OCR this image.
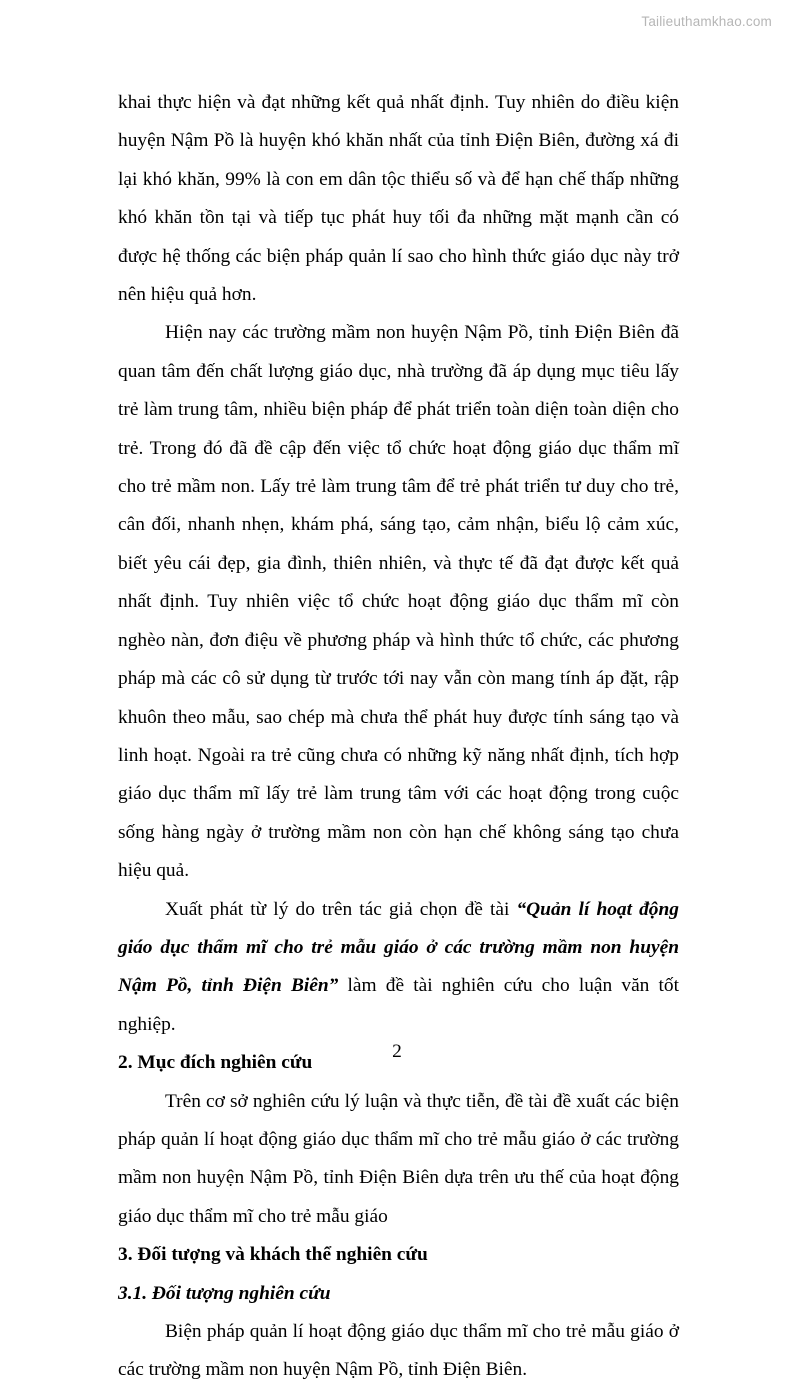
Tailieuthamkhao.com

khai thực hiện và đạt những kết quả nhất định. Tuy nhiên do điều kiện huyện Nậm Pồ là huyện khó khăn nhất của tỉnh Điện Biên, đường xá đi lại khó khăn, 99% là con em dân tộc thiểu số và để hạn chế thấp những khó khăn tồn tại và tiếp tục phát huy tối đa những mặt mạnh cần có được hệ thống các biện pháp quản lí sao cho hình thức giáo dục này trở nên hiệu quả hơn.

Hiện nay các trường mầm non huyện Nậm Pồ, tỉnh Điện Biên đã quan tâm đến chất lượng giáo dục, nhà trường đã áp dụng mục tiêu lấy trẻ làm trung tâm, nhiều biện pháp để phát triển toàn diện toàn diện cho trẻ. Trong đó đã đề cập đến việc tổ chức hoạt động giáo dục thẩm mĩ cho trẻ mầm non. Lấy trẻ làm trung tâm để trẻ phát triển tư duy cho trẻ, cân đối, nhanh nhẹn, khám phá, sáng tạo, cảm nhận, biểu lộ cảm xúc, biết yêu cái đẹp, gia đình, thiên nhiên, và thực tế đã đạt được kết quả nhất định. Tuy nhiên việc tổ chức hoạt động giáo dục thẩm mĩ còn nghèo nàn, đơn điệu về phương pháp và hình thức tổ chức, các phương pháp mà các cô sử dụng từ trước tới nay vẫn còn mang tính áp đặt, rập khuôn theo mẫu, sao chép mà chưa thể phát huy được tính sáng tạo và linh hoạt. Ngoài ra trẻ cũng chưa có những kỹ năng nhất định, tích hợp giáo dục thẩm mĩ lấy trẻ làm trung tâm với các hoạt động trong cuộc sống hàng ngày ở trường mầm non còn hạn chế không sáng tạo chưa hiệu quả.

Xuất phát từ lý do trên tác giả chọn đề tài “Quản lí hoạt động giáo dục thẩm mĩ cho trẻ mẫu giáo ở các trường mầm non huyện Nậm Pồ, tỉnh Điện Biên” làm đề tài nghiên cứu cho luận văn tốt nghiệp.

2. Mục đích nghiên cứu

Trên cơ sở nghiên cứu lý luận và thực tiễn, đề tài đề xuất các biện pháp quản lí hoạt động giáo dục thẩm mĩ cho trẻ mẫu giáo ở các trường mầm non huyện Nậm Pồ, tỉnh Điện Biên dựa trên ưu thế của hoạt động giáo dục thẩm mĩ cho trẻ mẫu giáo

3. Đối tượng và khách thể nghiên cứu

3.1. Đối tượng nghiên cứu

Biện pháp quản lí hoạt động giáo dục thẩm mĩ cho trẻ mẫu giáo ở các trường mầm non huyện Nậm Pồ, tỉnh Điện Biên.

2
